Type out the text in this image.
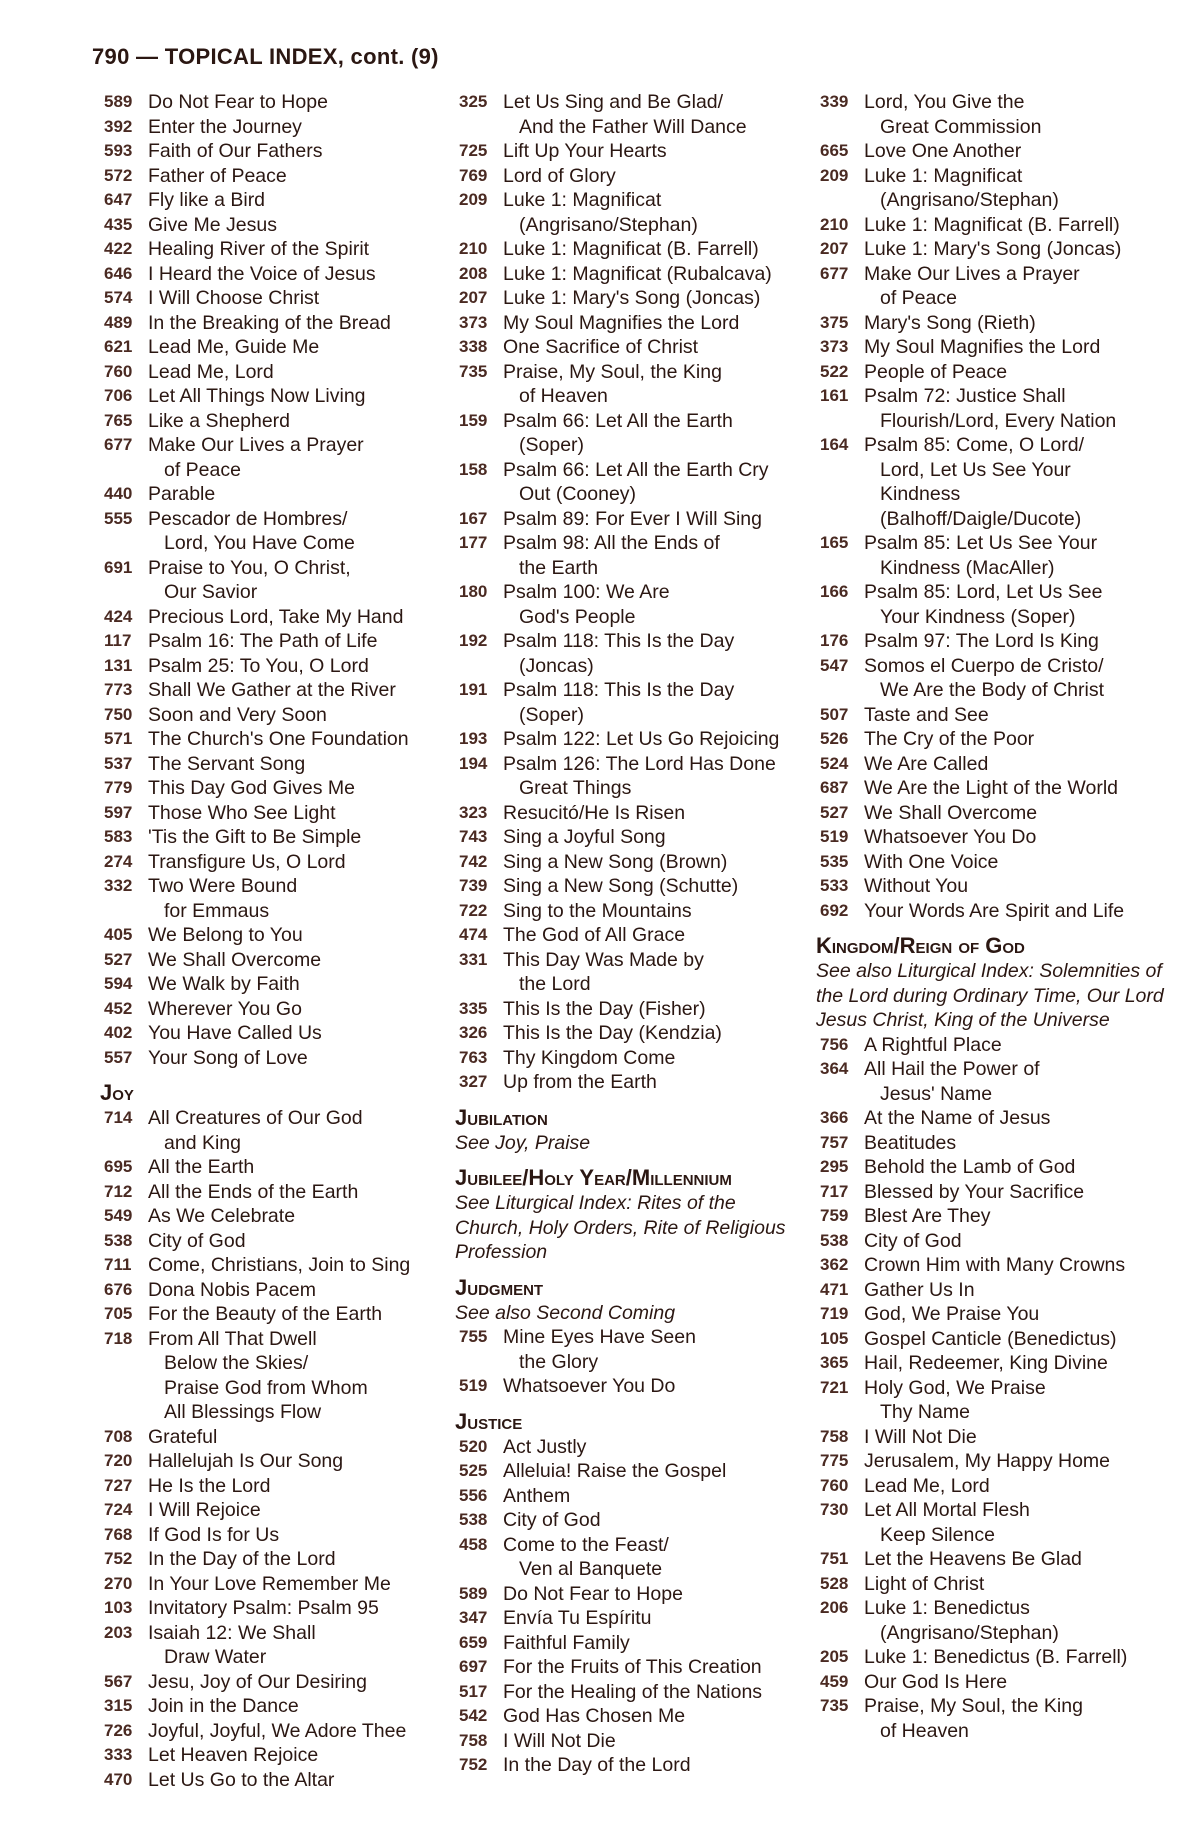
790 — TOPICAL INDEX, cont. (9)
589 Do Not Fear to Hope
392 Enter the Journey
593 Faith of Our Fathers
572 Father of Peace
647 Fly like a Bird
435 Give Me Jesus
422 Healing River of the Spirit
646 I Heard the Voice of Jesus
574 I Will Choose Christ
489 In the Breaking of the Bread
621 Lead Me, Guide Me
760 Lead Me, Lord
706 Let All Things Now Living
765 Like a Shepherd
677 Make Our Lives a Prayer
of Peace
440 Parable
555 Pescador de Hombres/
Lord, You Have Come
691 Praise to You, O Christ,
Our Savior
424 Precious Lord, Take My Hand
117 Psalm 16: The Path of Life
131 Psalm 25: To You, O Lord
773 Shall We Gather at the River
750 Soon and Very Soon
571 The Church's One Foundation
537 The Servant Song
779 This Day God Gives Me
597 Those Who See Light
583 'Tis the Gift to Be Simple
274 Transfigure Us, O Lord
332 Two Were Bound
for Emmaus
405 We Belong to You
527 We Shall Overcome
594 We Walk by Faith
452 Wherever You Go
402 You Have Called Us
557 Your Song of Love
Joy
714 All Creatures of Our God
and King
695 All the Earth
712 All the Ends of the Earth
549 As We Celebrate
538 City of God
711 Come, Christians, Join to Sing
676 Dona Nobis Pacem
705 For the Beauty of the Earth
718 From All That Dwell
Below the Skies/
Praise God from Whom
All Blessings Flow
708 Grateful
720 Hallelujah Is Our Song
727 He Is the Lord
724 I Will Rejoice
768 If God Is for Us
752 In the Day of the Lord
270 In Your Love Remember Me
103 Invitatory Psalm: Psalm 95
203 Isaiah 12: We Shall
Draw Water
567 Jesu, Joy of Our Desiring
315 Join in the Dance
726 Joyful, Joyful, We Adore Thee
333 Let Heaven Rejoice
470 Let Us Go to the Altar
325 Let Us Sing and Be Glad/
And the Father Will Dance
725 Lift Up Your Hearts
769 Lord of Glory
209 Luke 1: Magnificat
(Angrisano/Stephan)
210 Luke 1: Magnificat (B. Farrell)
208 Luke 1: Magnificat (Rubalcava)
207 Luke 1: Mary's Song (Joncas)
373 My Soul Magnifies the Lord
338 One Sacrifice of Christ
735 Praise, My Soul, the King
of Heaven
159 Psalm 66: Let All the Earth
(Soper)
158 Psalm 66: Let All the Earth Cry
Out (Cooney)
167 Psalm 89: For Ever I Will Sing
177 Psalm 98: All the Ends of
the Earth
180 Psalm 100: We Are
God's People
192 Psalm 118: This Is the Day
(Joncas)
191 Psalm 118: This Is the Day
(Soper)
193 Psalm 122: Let Us Go Rejoicing
194 Psalm 126: The Lord Has Done
Great Things
323 Resucitó/He Is Risen
743 Sing a Joyful Song
742 Sing a New Song (Brown)
739 Sing a New Song (Schutte)
722 Sing to the Mountains
474 The God of All Grace
331 This Day Was Made by
the Lord
335 This Is the Day (Fisher)
326 This Is the Day (Kendzia)
763 Thy Kingdom Come
327 Up from the Earth
Jubilation
See Joy, Praise
Jubilee/Holy Year/Millennium
See Liturgical Index: Rites of the Church, Holy Orders, Rite of Religious Profession
Judgment
See also Second Coming
755 Mine Eyes Have Seen
the Glory
519 Whatsoever You Do
Justice
520 Act Justly
525 Alleluia! Raise the Gospel
556 Anthem
538 City of God
458 Come to the Feast/
Ven al Banquete
589 Do Not Fear to Hope
347 Envía Tu Espíritu
659 Faithful Family
697 For the Fruits of This Creation
517 For the Healing of the Nations
542 God Has Chosen Me
758 I Will Not Die
752 In the Day of the Lord
339 Lord, You Give the
Great Commission
665 Love One Another
209 Luke 1: Magnificat
(Angrisano/Stephan)
210 Luke 1: Magnificat (B. Farrell)
207 Luke 1: Mary's Song (Joncas)
677 Make Our Lives a Prayer
of Peace
375 Mary's Song (Rieth)
373 My Soul Magnifies the Lord
522 People of Peace
161 Psalm 72: Justice Shall
Flourish/Lord, Every Nation
164 Psalm 85: Come, O Lord/
Lord, Let Us See Your
Kindness
(Balhoff/Daigle/Ducote)
165 Psalm 85: Let Us See Your
Kindness (MacAller)
166 Psalm 85: Lord, Let Us See
Your Kindness (Soper)
176 Psalm 97: The Lord Is King
547 Somos el Cuerpo de Cristo/
We Are the Body of Christ
507 Taste and See
526 The Cry of the Poor
524 We Are Called
687 We Are the Light of the World
527 We Shall Overcome
519 Whatsoever You Do
535 With One Voice
533 Without You
692 Your Words Are Spirit and Life
Kingdom/Reign of God
See also Liturgical Index: Solemnities of the Lord during Ordinary Time, Our Lord Jesus Christ, King of the Universe
756 A Rightful Place
364 All Hail the Power of
Jesus' Name
366 At the Name of Jesus
757 Beatitudes
295 Behold the Lamb of God
717 Blessed by Your Sacrifice
759 Blest Are They
538 City of God
362 Crown Him with Many Crowns
471 Gather Us In
719 God, We Praise You
105 Gospel Canticle (Benedictus)
365 Hail, Redeemer, King Divine
721 Holy God, We Praise
Thy Name
758 I Will Not Die
775 Jerusalem, My Happy Home
760 Lead Me, Lord
730 Let All Mortal Flesh
Keep Silence
751 Let the Heavens Be Glad
528 Light of Christ
206 Luke 1: Benedictus
(Angrisano/Stephan)
205 Luke 1: Benedictus (B. Farrell)
459 Our God Is Here
735 Praise, My Soul, the King
of Heaven
